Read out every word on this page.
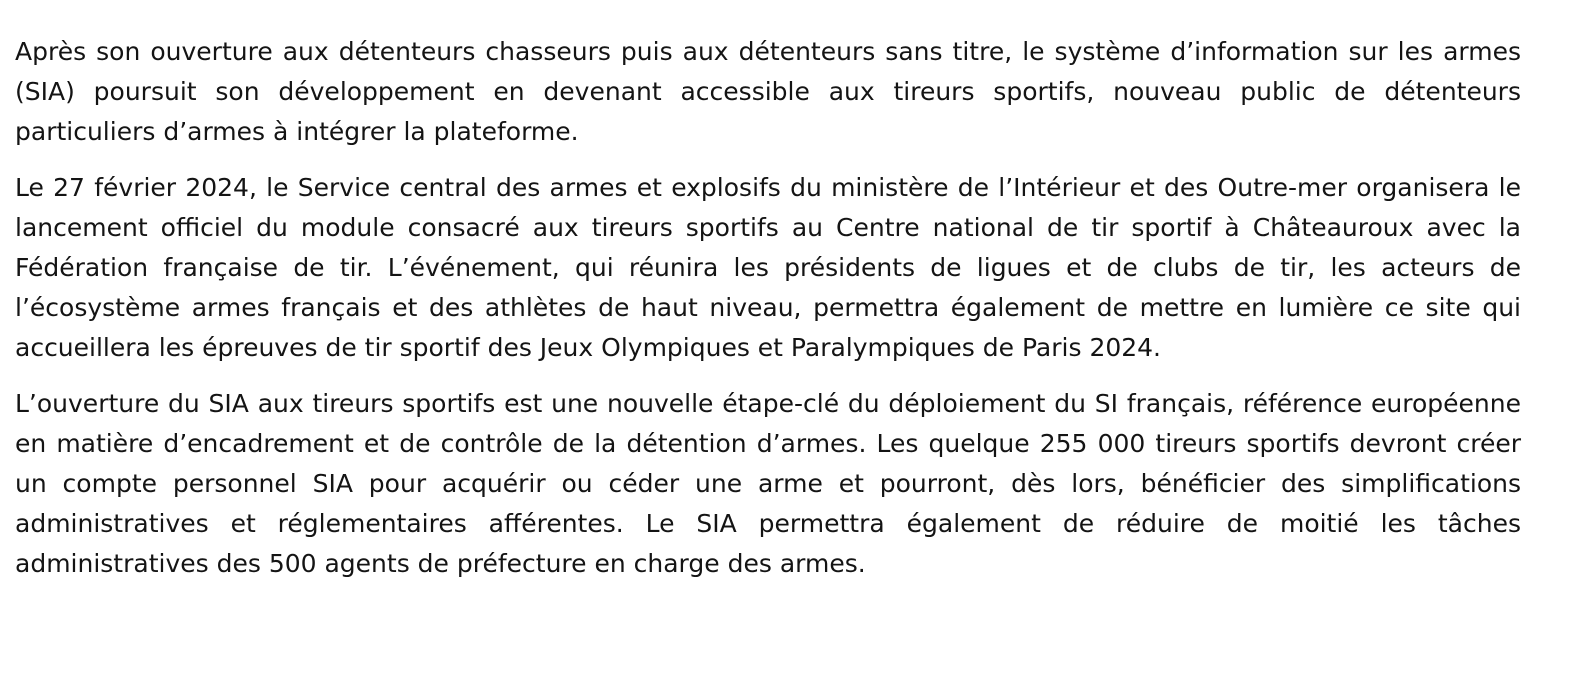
Après son ouverture aux détenteurs chasseurs puis aux détenteurs sans titre, le système d’information sur les armes (SIA) poursuit son développement en devenant accessible aux tireurs sportifs, nouveau public de détenteurs particuliers d’armes à intégrer la plateforme.

Le 27 février 2024, le Service central des armes et explosifs du ministère de l’Intérieur et des Outre-mer organisera le lancement officiel du module consacré aux tireurs sportifs au Centre national de tir sportif à Châteauroux avec la Fédération française de tir. L’événement, qui réunira les présidents de ligues et de clubs de tir, les acteurs de l’écosystème armes français et des athlètes de haut niveau, permettra également de mettre en lumière ce site qui accueillera les épreuves de tir sportif des Jeux Olympiques et Paralympiques de Paris 2024.

L’ouverture du SIA aux tireurs sportifs est une nouvelle étape-clé du déploiement du SI français, référence européenne en matière d’encadrement et de contrôle de la détention d’armes. Les quelque 255 000 tireurs sportifs devront créer un compte personnel SIA pour acquérir ou céder une arme et pourront, dès lors, bénéficier des simplifications administratives et réglementaires afférentes. Le SIA permettra également de réduire de moitié les tâches administratives des 500 agents de préfecture en charge des armes.
